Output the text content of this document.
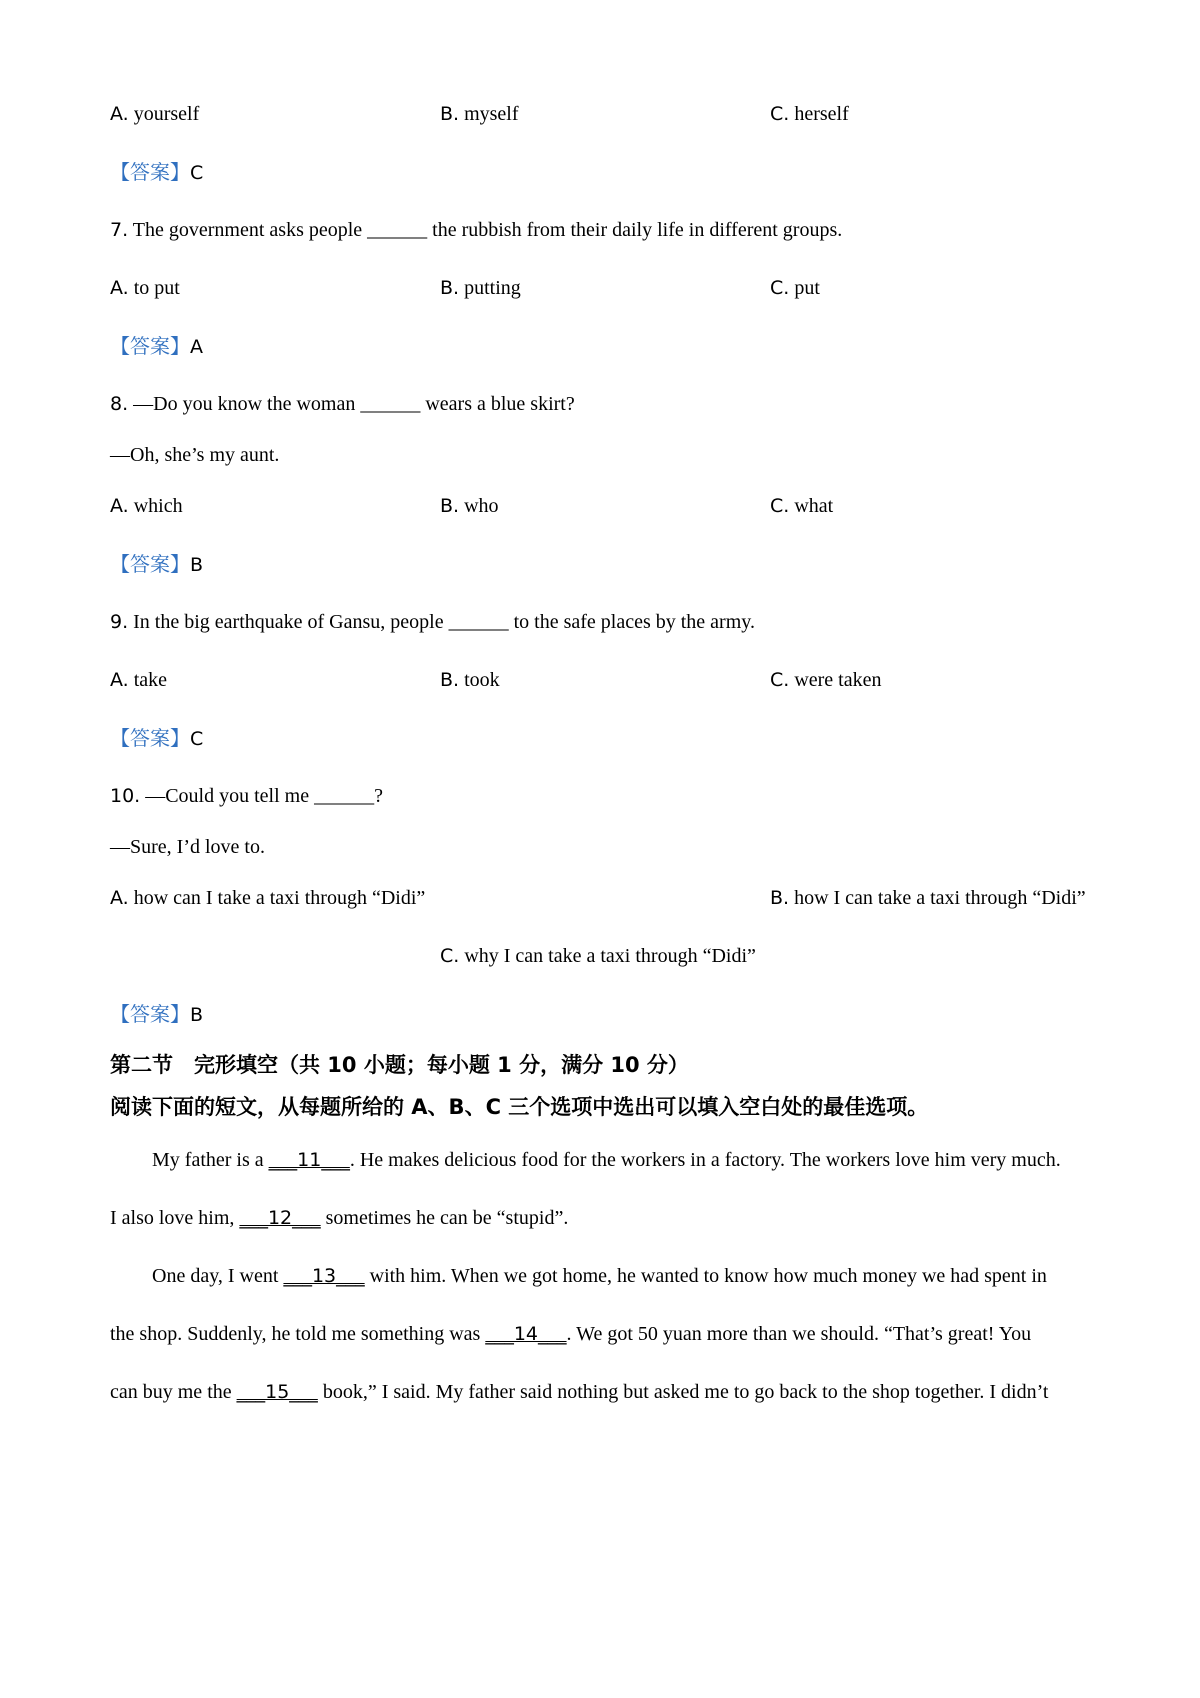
A. yourself	B. myself	C. herself
【答案】C
7. The government asks people ______ the rubbish from their daily life in different groups.
A. to put	B. putting	C. put
【答案】A
8. —Do you know the woman ______ wears a blue skirt?
—Oh, she’s my aunt.
A. which	B. who	C. what
【答案】B
9. In the big earthquake of Gansu, people ______ to the safe places by the army.
A. take	B. took	C. were taken
【答案】C
10. —Could you tell me ______?
—Sure, I’d love to.
A. how can I take a taxi through “Didi”	B. how I can take a taxi through “Didi”
C. why I can take a taxi through “Didi”
【答案】B
第二节　完形填空（共 10 小题；每小题 1 分，满分 10 分）
阅读下面的短文，从每题所给的 A、B、C 三个选项中选出可以填入空白处的最佳选项。
My father is a ___11___. He makes delicious food for the workers in a factory. The workers love him very much.
I also love him, ___12___ sometimes he can be “stupid”.
One day, I went ___13___ with him. When we got home, he wanted to know how much money we had spent in
the shop. Suddenly, he told me something was ___14___. We got 50 yuan more than we should. “That’s great! You
can buy me the ___15___ book,” I said. My father said nothing but asked me to go back to the shop together. I didn’t
